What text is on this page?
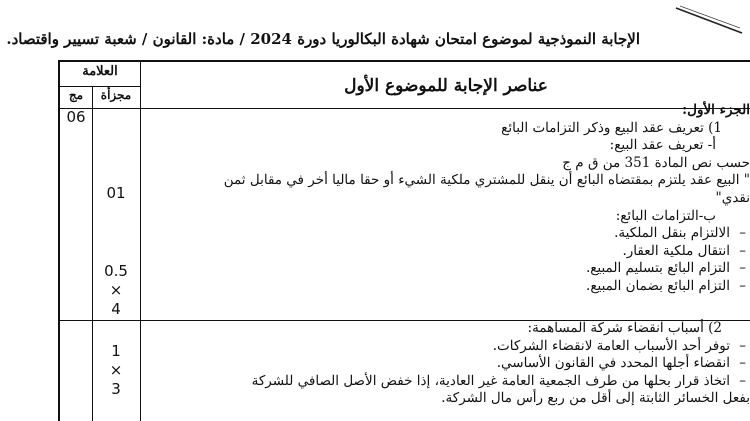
الإجابة النموذجية لموضوع امتحان شهادة البكالوريا دورة 2024 / مادة: القانون / شعبة تسيير واقتصاد.
العلامة
مجزأة
مج	عناصر الإجابة للموضوع الأول
06
01
0.5
×
4
1
×
3
الجزء الأول:
1) تعريف عقد البيع وذكر التزامات البائع
أ- تعريف عقد البيع:
حسب نص المادة 351 من ق م ج
" البيع عقد يلتزم بمقتضاه البائع أن ينقل للمشتري ملكية الشيء أو حقا ماليا أخر في مقابل ثمن
نقدي"
ب-التزامات البائع:
– الالتزام بنقل الملكية.
– انتقال ملكية العقار.
– التزام البائع بتسليم المبيع.
– التزام البائع بضمان المبيع.
2) أسباب انقضاء شركة المساهمة:
– توفر أحد الأسباب العامة لانقضاء الشركات.
– انقضاء أجلها المحدد في القانون الأساسي.
– اتخاذ قرار بحلها من طرف الجمعية العامة غير العادية، إذا خفض الأصل الصافي للشركة
بفعل الخسائر الثابتة إلى أقل من ربع رأس مال الشركة.
